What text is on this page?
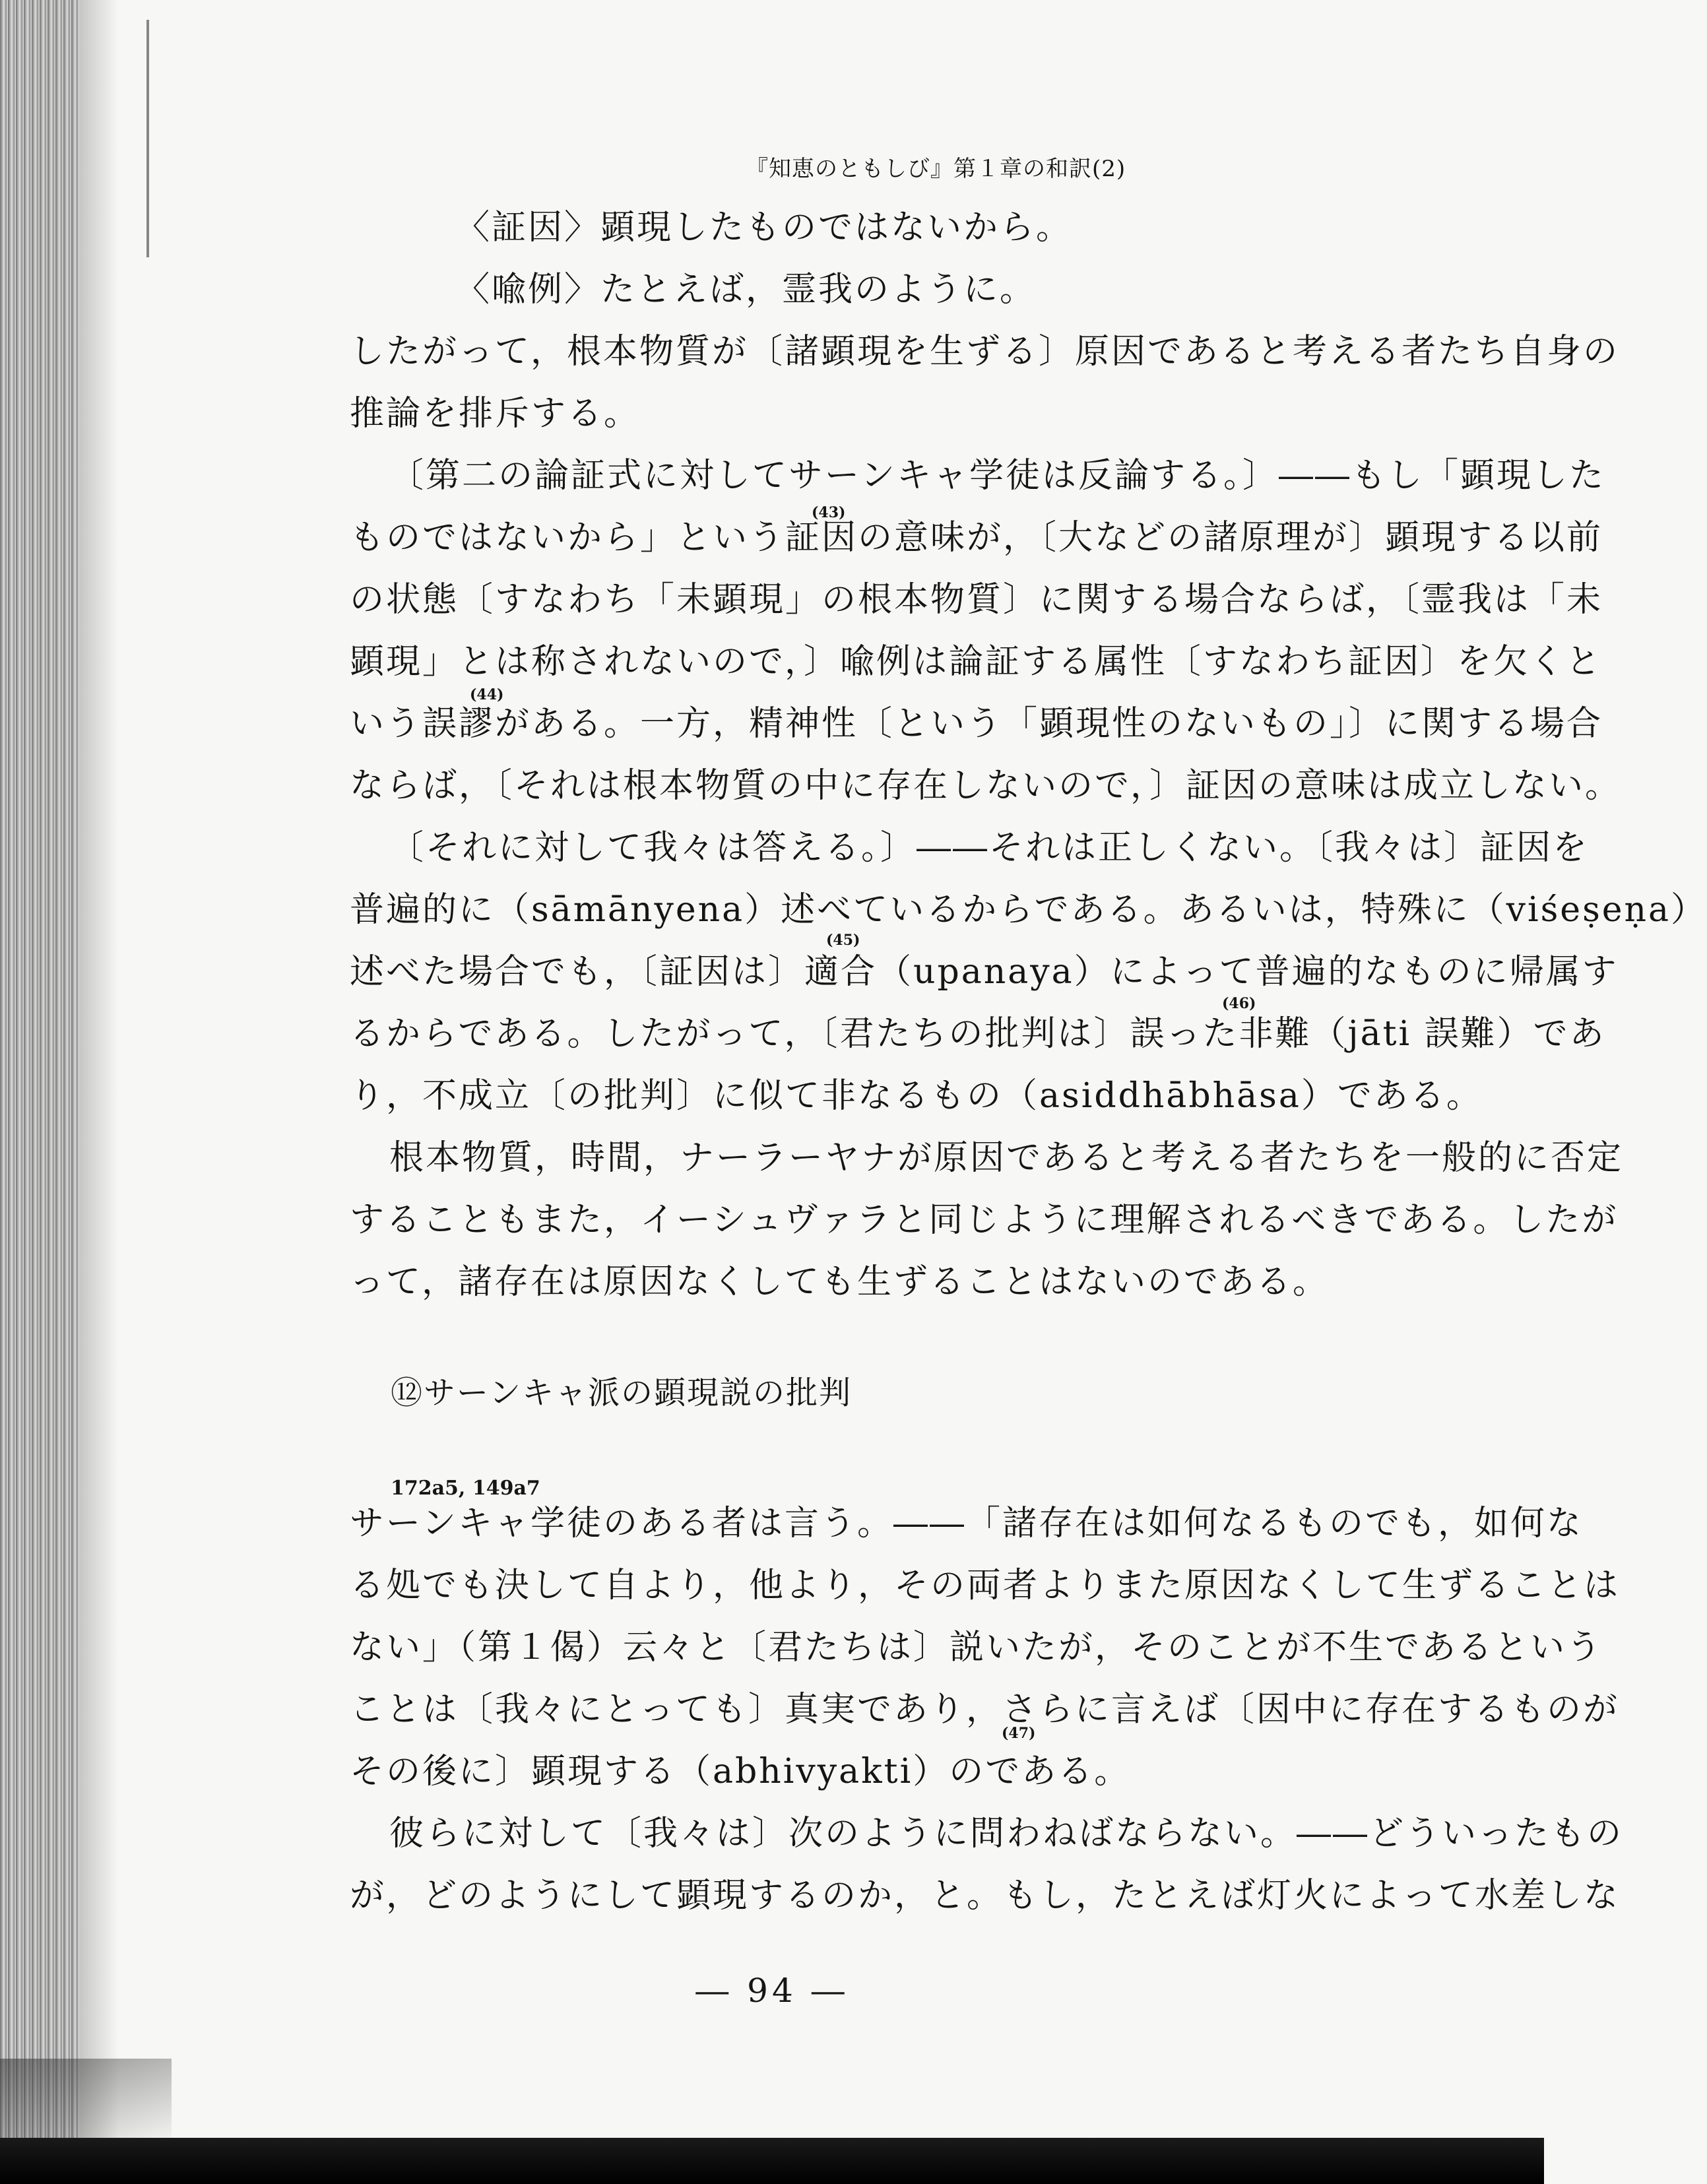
『知恵のともしび』第１章の和訳(2)
〈証因〉顕現したものではないから。
〈喩例〉たとえば，霊我のように。
したがって，根本物質が〔諸顕現を生ずる〕原因であると考える者たち自身の
推論を排斥する。
〔第二の論証式に対してサーンキャ学徒は反論する。〕――もし「顕現した
ものではないから」という証因の意味が，〔大などの諸原理が〕顕現する以前
の状態〔すなわち「未顕現」の根本物質〕に関する場合ならば，〔霊我は「未
顕現」とは称されないので，〕喩例は論証する属性〔すなわち証因〕を欠くと
いう誤謬がある。一方，精神性〔という「顕現性のないもの」〕に関する場合
ならば，〔それは根本物質の中に存在しないので，〕証因の意味は成立しない。
〔それに対して我々は答える。〕――それは正しくない。〔我々は〕証因を
普遍的に（sāmānyena）述べているからである。あるいは，特殊に（viśeṣeṇa）
述べた場合でも，〔証因は〕適合（upanaya）によって普遍的なものに帰属す
るからである。したがって，〔君たちの批判は〕誤った非難（jāti 誤難）であ
り，不成立〔の批判〕に似て非なるもの（asiddhābhāsa）である。
根本物質，時間，ナーラーヤナが原因であると考える者たちを一般的に否定
することもまた，イーシュヴァラと同じように理解されるべきである。したが
って，諸存在は原因なくしても生ずることはないのである。
⑫サーンキャ派の顕現説の批判
172a5, 149a7
サーンキャ学徒のある者は言う。――「諸存在は如何なるものでも，如何な
る処でも決して自より，他より，その両者よりまた原因なくして生ずることは
ない」（第１偈）云々と〔君たちは〕説いたが，そのことが不生であるという
ことは〔我々にとっても〕真実であり，さらに言えば〔因中に存在するものが
その後に〕顕現する（abhivyakti）のである。
彼らに対して〔我々は〕次のように問わねばならない。――どういったもの
が，どのようにして顕現するのか，と。もし，たとえば灯火によって水差しな
(43)
(44)
(45)
(46)
(47)
― 94 ―
